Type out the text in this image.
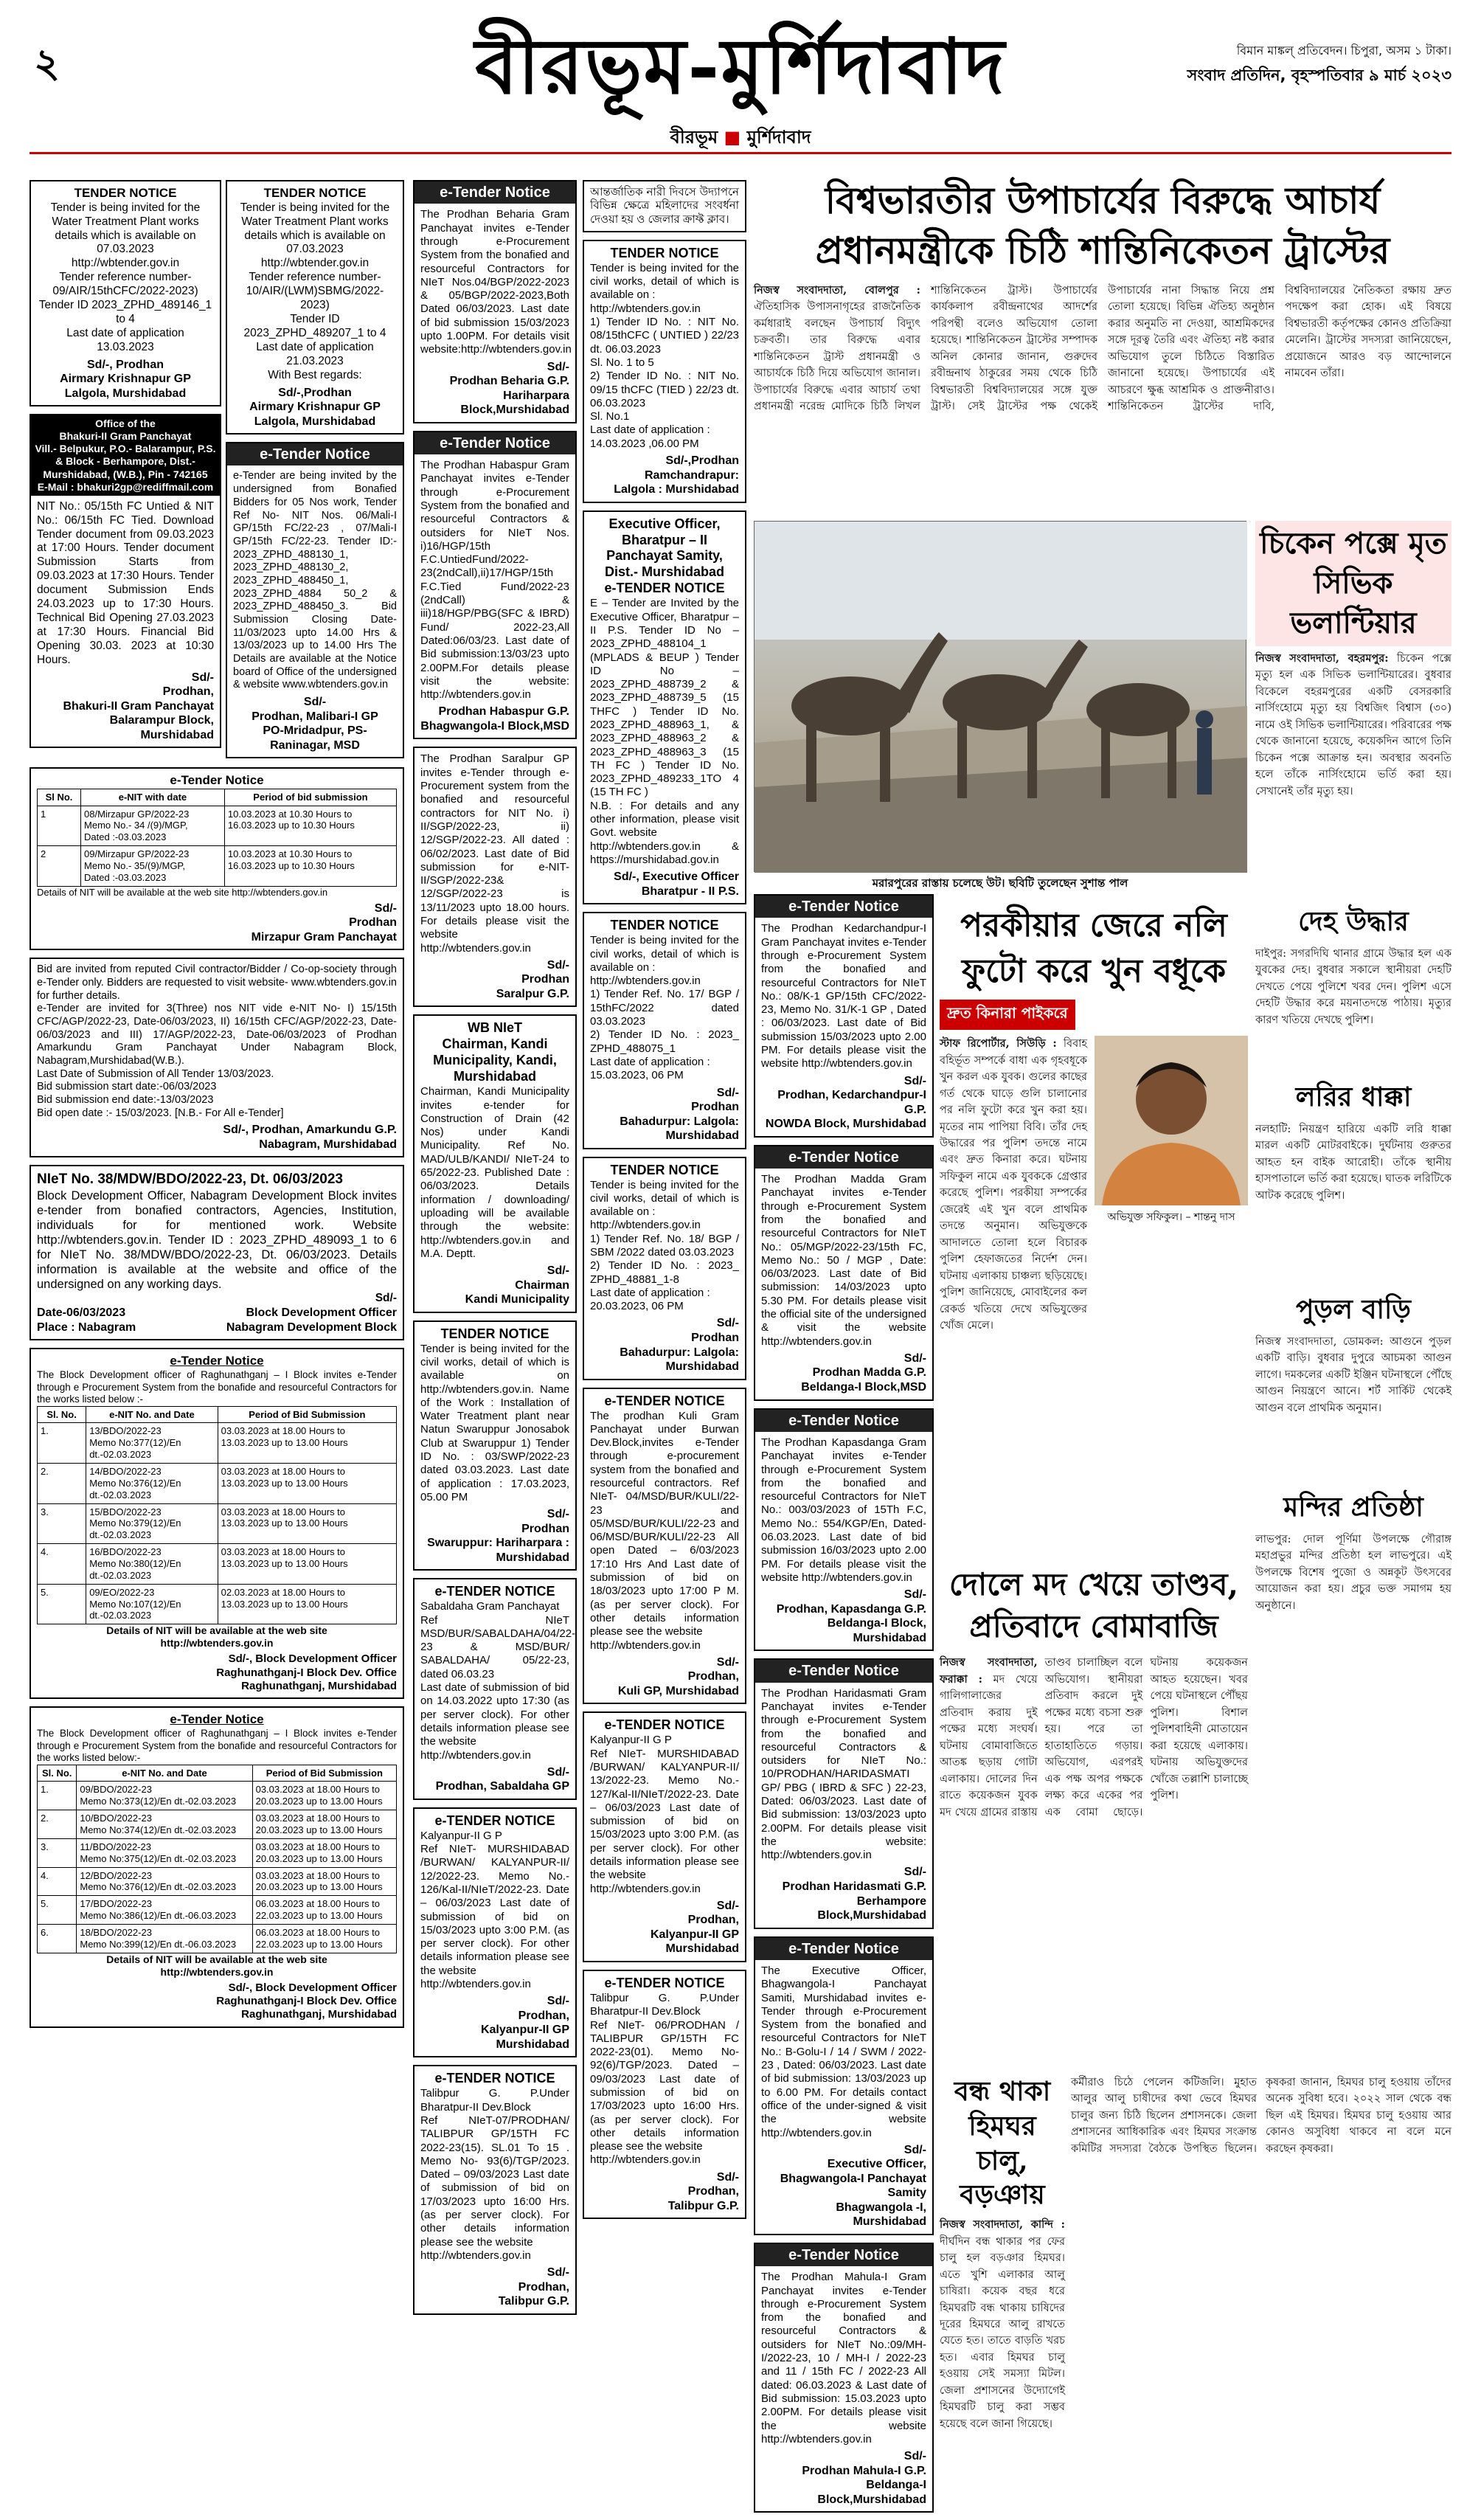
২	বীরভূম-মুর্শিদাবাদ
বীরভূম ■ মুর্শিদাবাদ
বিমান মাঙ্কল্ প্রতিবেদন। চিপুরা, অসম ১ টাকা।
সংবাদ প্রতিদিন, বৃহস্পতিবার ৯ মার্চ ২০২৩
TENDER NOTICE
Tender is being invited for the Water Treatment Plant works details which is available on 07.03.2023
http://wbtender.gov.in
Tender reference number-09/AIR/15thCFC/2022-2023)
Tender ID 2023_ZPHD_489146_1 to 4
Last date of application 13.03.2023
Sd/-, Prodhan
Airmary Krishnapur GP
Lalgola, Murshidabad
Office of the
Bhakuri-II Gram Panchayat
Vill.- Belpukur, P.O.- Balarampur, P.S. & Block - Berhampore, Dist.- Murshidabad, (W.B.), Pin - 742165
E-Mail : bhakuri2gp@rediffmail.com
NIT No.: 05/15th FC Untied & NIT No.: 06/15th FC Tied. Download Tender document from 09.03.2023 at 17:00 Hours. Tender document Submission Starts from 09.03.2023 at 17:30 Hours. Tender document Submission Ends 24.03.2023 up to 17:30 Hours. Technical Bid Opening 27.03.2023 at 17:30 Hours. Financial Bid Opening 30.03. 2023 at 10:30 Hours.
Sd/-
Prodhan,
Bhakuri-II Gram Panchayat
Balarampur Block, Murshidabad
TENDER NOTICE
Tender is being invited for the Water Treatment Plant works details which is available on 07.03.2023
http://wbtender.gov.in
Tender reference number-10/AIR/(LWM)SBMG/2022-2023)
Tender ID 2023_ZPHD_489207_1 to 4
Last date of application 21.03.2023
With Best regards:
Sd/-,Prodhan
Airmary Krishnapur GP
Lalgola, Murshidabad
e-Tender Notice
e-Tender are being invited by the undersigned from Bonafied Bidders for 05 Nos work, Tender Ref No- NIT Nos. 06/Mali-I GP/15th FC/22-23 , 07/Mali-I GP/15th FC/22-23. Tender ID:- 2023_ZPHD_488130_1, 2023_ZPHD_488130_2, 2023_ZPHD_488450_1, 2023_ZPHD_4884 50_2 & 2023_ZPHD_488450_3. Bid Submission Closing Date-11/03/2023 upto 14.00 Hrs & 13/03/2023 up to 14.00 Hrs The Details are available at the Notice board of Office of the undersigned & website www.wbtenders.gov.in
Sd/-
Prodhan, Malibari-I GP
PO-Mridadpur, PS-Raninagar, MSD
e-Tender Notice
Sl No.	e-NIT with date	Period of bid submission
1	08/Mirzapur GP/2022-23
Memo No.- 34 /(9)/MGP,
Dated :-03.03.2023	10.03.2023 at 10.30 Hours to
16.03.2023 up to 10.30 Hours
2	09/Mirzapur GP/2022-23
Memo No.- 35/(9)/MGP,
Dated :-03.03.2023	10.03.2023 at 10.30 Hours to
16.03.2023 up to 10.30 Hours
Details of NIT will be available at the web site http://wbtenders.gov.in
Sd/-
Prodhan
Mirzapur Gram Panchayat
Bid are invited from reputed Civil contractor/Bidder / Co-op-society through e-Tender only. Bidders are requested to visit website- www.wbtenders.gov.in for further details.
e-Tender are invited for 3(Three) nos NIT vide e-NIT No- I) 15/15th CFC/AGP/2022-23, Date-06/03/2023, II) 16/15th CFC/AGP/2022-23, Date-06/03/2023 and III) 17/AGP/2022-23, Date-06/03/2023 of Prodhan Amarkundu Gram Panchayat Under Nabagram Block, Nabagram,Murshidabad(W.B.).
Last Date of Submission of All Tender 13/03/2023.
Bid submission start date:-06/03/2023
Bid submission end date:-13/03/2023
Bid open date :- 15/03/2023. [N.B.- For All e-Tender]
Sd/-, Prodhan, Amarkundu G.P.
Nabagram, Murshidabad
NIeT No. 38/MDW/BDO/2022-23, Dt. 06/03/2023
Block Development Officer, Nabagram Development Block invites e-tender from bonafied contractors, Agencies, Institution, individuals for for mentioned work. Website http://wbtenders.gov.in. Tender ID : 2023_ZPHD_489093_1 to 6 for NIeT No. 38/MDW/BDO/2022-23, Dt. 06/03/2023. Details information is available at the website and office of the undersigned on any working days.
Sd/-
Date-06/03/2023	Block Development Officer
Place : Nabagram	Nabagram Development Block
e-Tender Notice
The Block Development officer of Raghunathganj – I Block invites e-Tender through e Procurement System from the bonafide and resourceful Contractors for the works listed below :-
Sl. No.	e-NIT No. and Date	Period of Bid Submission
1.	13/BDO/2022-23
Memo No:377(12)/En
dt.-02.03.2023	03.03.2023 at 18.00 Hours to
13.03.2023 up to 13.00 Hours
2.	14/BDO/2022-23
Memo No:376(12)/En
dt.-02.03.2023	03.03.2023 at 18.00 Hours to
13.03.2023 up to 13.00 Hours
3.	15/BDO/2022-23
Memo No:379(12)/En
dt.-02.03.2023	03.03.2023 at 18.00 Hours to
13.03.2023 up to 13.00 Hours
4.	16/BDO/2022-23
Memo No:380(12)/En
dt.-02.03.2023	03.03.2023 at 18.00 Hours to
13.03.2023 up to 13.00 Hours
5.	09/EO/2022-23
Memo No:107(12)/En
dt.-02.03.2023	02.03.2023 at 18.00 Hours to
13.03.2023 up to 13.00 Hours
Details of NIT will be available at the web site
http://wbtenders.gov.in
Sd/-, Block Development Officer
Raghunathganj-I Block Dev. Office
Raghunathganj, Murshidabad
e-Tender Notice
The Block Development officer of Raghunathganj – I Block invites e-Tender through e Procurement System from the bonafide and resourceful Contractors for the works listed below:-
Sl. No.	e-NIT No. and Date	Period of Bid Submission
1.	09/BDO/2022-23
Memo No:373(12)/En dt.-02.03.2023	03.03.2023 at 18.00 Hours to
20.03.2023 up to 13.00 Hours
2.	10/BDO/2022-23
Memo No:374(12)/En dt.-02.03.2023	03.03.2023 at 18.00 Hours to
20.03.2023 up to 13.00 Hours
3.	11/BDO/2022-23
Memo No:375(12)/En dt.-02.03.2023	03.03.2023 at 18.00 Hours to
20.03.2023 up to 13.00 Hours
4.	12/BDO/2022-23
Memo No:376(12)/En dt.-02.03.2023	03.03.2023 at 18.00 Hours to
20.03.2023 up to 13.00 Hours
5.	17/BDO/2022-23
Memo No:386(12)/En dt.-06.03.2023	06.03.2023 at 18.00 Hours to
22.03.2023 up to 13.00 Hours
6.	18/BDO/2022-23
Memo No:399(12)/En dt.-06.03.2023	06.03.2023 at 18.00 Hours to
22.03.2023 up to 13.00 Hours
Details of NIT will be available at the web site
http://wbtenders.gov.in
Sd/-, Block Development Officer
Raghunathganj-I Block Dev. Office
Raghunathganj, Murshidabad
e-Tender Notice
The Prodhan Beharia Gram Panchayat invites e-Tender through e-Procurement System from the bonafied and resourceful Contractors for NIeT Nos.04/BGP/2022-2023 & 05/BGP/2022-2023,Both Dated 06/03/2023. Last date of bid submission 15/03/2023 upto 1.00PM. For details visit website:http://wbtenders.gov.in
Sd/-
Prodhan Beharia G.P.
Hariharpara Block,Murshidabad
e-Tender Notice
The Prodhan Habaspur Gram Panchayat invites e-Tender through e-Procurement System from the bonafied and resourceful Contractors & outsiders for NIeT Nos. i)16/HGP/15th F.C.UntiedFund/2022-23(2ndCall),ii)17/HGP/15th F.C.Tied Fund/2022-23 (2ndCall) & iii)18/HGP/PBG(SFC & IBRD) Fund/ 2022-23,All Dated:06/03/23. Last date of Bid submission:13/03/23 upto 2.00PM.For details please visit the website: http://wbtenders.gov.in
Prodhan Habaspur G.P.
Bhagwangola-I Block,MSD
The Prodhan Saralpur GP invites e-Tender through e-Procurement system from the bonafied and resourceful contractors for NIT No. i) II/SGP/2022-23, ii) 12/SGP/2022-23. All dated : 06/02/2023. Last date of Bid submission for e-NIT-II/SGP/2022-23& 12/SGP/2022-23 is 13/11/2023 upto 18.00 hours. For details please visit the website
http://wbtenders.gov.in
Sd/-
Prodhan
Saralpur G.P.
WB NIeT
Chairman, Kandi Municipality, Kandi, Murshidabad
Chairman, Kandi Municipality invites e-tender for Construction of Drain (42 Nos) under Kandi Municipality. Ref No. MAD/ULB/KANDI/ NIeT-24 to 65/2022-23. Published Date : 06/03/2023. Details information / downloading/ uploading will be available through the website: http://wbtenders.gov.in and M.A. Deptt.
Sd/-
Chairman
Kandi Municipality
TENDER NOTICE
Tender is being invited for the civil works, detail of which is available on http://wbtenders.gov.in. Name of the Work : Installation of Water Treatment plant near Natun Swaruppur Jonosabok Club at Swaruppur 1) Tender ID No. : 03/SWP/2022-23 dated 03.03.2023. Last date of application : 17.03.2023, 05.00 PM
Sd/-
Prodhan
Swaruppur: Hariharpara :
Murshidabad
e-TENDER NOTICE
Sabaldaha Gram Panchayat
Ref NIeT MSD/BUR/SABALDAHA/04/22-23 & MSD/BUR/ SABALDAHA/ 05/22-23, dated 06.03.23
Last date of submission of bid on 14.03.2022 upto 17:30 (as per server clock). For other details information please see the website
http://wbtenders.gov.in
Sd/-
Prodhan, Sabaldaha GP
e-TENDER NOTICE
Kalyanpur-II G P
Ref NIeT- MURSHIDABAD /BURWAN/ KALYANPUR-II/ 12/2022-23. Memo No.- 126/Kal-II/NIeT/2022-23. Date – 06/03/2023 Last date of submission of bid on 15/03/2023 upto 3:00 P.M. (as per server clock). For other details information please see the website
http://wbtenders.gov.in
Sd/-
Prodhan,
Kalyanpur-II GP
Murshidabad
e-TENDER NOTICE
Talibpur G. P.Under Bharatpur-II Dev.Block
Ref NIeT-07/PRODHAN/ TALIBPUR GP/15TH FC 2022-23(15). SL.01 To 15 . Memo No- 93(6)/TGP/2023. Dated – 09/03/2023 Last date of submission of bid on 17/03/2023 upto 16:00 Hrs. (as per server clock). For other details information please see the website
http://wbtenders.gov.in
Sd/-
Prodhan,
Talibpur G.P.
আন্তর্জাতিক নারী দিবসে উদ্যাপনে বিভিন্ন ক্ষেত্রে মহিলাদের সংবর্ধনা দেওয়া হয় ও জেলার ক্রাফ্ট ক্লাব।
TENDER NOTICE
Tender is being invited for the civil works, detail of which is available on :
http://wbtenders.gov.in
1) Tender ID No. : NIT No. 08/15thCFC ( UNTIED ) 22/23 dt. 06.03.2023
Sl. No. 1 to 5
2) Tender ID No. : NIT No. 09/15 thCFC (TIED ) 22/23 dt. 06.03.2023
Sl. No.1
Last date of application :
14.03.2023 ,06.00 PM
Sd/-,Prodhan
Ramchandrapur:
Lalgola : Murshidabad
Executive Officer,
Bharatpur – II Panchayat Samity, Dist.- Murshidabad
e-TENDER NOTICE
E – Tender are Invited by the Executive Officer, Bharatpur – II P.S. Tender ID No – 2023_ZPHD_488104_1 (MPLADS & BEUP ) Tender ID No – 2023_ZPHD_488739_2 & 2023_ZPHD_488739_5 (15 THFC ) Tender ID No. 2023_ZPHD_488963_1, & 2023_ZPHD_488963_2 & 2023_ZPHD_488963_3 (15 TH FC ) Tender ID No. 2023_ZPHD_489233_1TO 4 (15 TH FC )
N.B. : For details and any other information, please visit Govt. website
http://wbtenders.gov.in & https://murshidabad.gov.in
Sd/-, Executive Officer
Bharatpur - II P.S.
TENDER NOTICE
Tender is being invited for the civil works, detail of which is available on :
http://wbtenders.gov.in
1) Tender Ref. No. 17/ BGP / 15thFC/2022 dated 03.03.2023
2) Tender ID No. : 2023_ ZPHD_488075_1
Last date of application :
15.03.2023, 06 PM
Sd/-
Prodhan
Bahadurpur: Lalgola:
Murshidabad
TENDER NOTICE
Tender is being invited for the civil works, detail of which is available on :
http://wbtenders.gov.in
1) Tender Ref. No. 18/ BGP / SBM /2022 dated 03.03.2023
2) Tender ID No. : 2023_ ZPHD_48881_1-8
Last date of application :
20.03.2023, 06 PM
Sd/-
Prodhan
Bahadurpur: Lalgola:
Murshidabad
e-TENDER NOTICE
The prodhan Kuli Gram Panchayat under Burwan Dev.Block,invites e-Tender through e-procurement system from the bonafied and resourceful contractors. Ref NIeT- 04/MSD/BUR/KULI/22-23 and 05/MSD/BUR/KULI/22-23 and 06/MSD/BUR/KULI/22-23 All open Dated – 6/03/2023 17:10 Hrs And Last date of submission of bid on 18/03/2023 upto 17:00 P M.(as per server clock). For other details information please see the website
http://wbtenders.gov.in
Sd/-
Prodhan,
Kuli GP, Murshidabad
e-TENDER NOTICE
Kalyanpur-II G P
Ref NIeT- MURSHIDABAD /BURWAN/ KALYANPUR-II/ 13/2022-23. Memo No.- 127/Kal-II/NIeT/2022-23. Date – 06/03/2023 Last date of submission of bid on 15/03/2023 upto 3:00 P.M. (as per server clock). For other details information please see the website
http://wbtenders.gov.in
Sd/-
Prodhan,
Kalyanpur-II GP
Murshidabad
e-TENDER NOTICE
Talibpur G. P.Under Bharatpur-II Dev.Block
Ref NIeT- 06/PRODHAN / TALIBPUR GP/15TH FC 2022-23(01). Memo No- 92(6)/TGP/2023. Dated – 09/03/2023 Last date of submission of bid on 17/03/2023 upto 16:00 Hrs. (as per server clock). For other details information please see the website
http://wbtenders.gov.in
Sd/-
Prodhan,
Talibpur G.P.
e-Tender Notice
The Prodhan Kedarchandpur-I Gram Panchayat invites e-Tender through e-Procurement System from the bonafied and resourceful Contractors for NIeT No.: 08/K-1 GP/15th CFC/2022-23, Memo No. 31/K-1 GP , Dated : 06/03/2023. Last date of Bid submission 15/03/2023 upto 2.00 PM. For details please visit the website http://wbtenders.gov.in
Sd/-
Prodhan, Kedarchandpur-I G.P.
NOWDA Block, Murshidabad
e-Tender Notice
The Prodhan Madda Gram Panchayat invites e-Tender through e-Procurement System from the bonafied and resourceful Contractors for NIeT No.: 05/MGP/2022-23/15th FC, Memo No.: 50 / MGP , Date: 06/03/2023. Last date of Bid submission: 14/03/2023 upto 5.30 PM. For details please visit the official site of the undersigned & visit the website http://wbtenders.gov.in
Sd/-
Prodhan Madda G.P.
Beldanga-I Block,MSD
e-Tender Notice
The Prodhan Kapasdanga Gram Panchayat invites e-Tender through e-Procurement System from the bonafied and resourceful Contractors for NIeT No.: 003/03/2023 of 15Th F.C, Memo No.: 554/KGP/En, Dated-06.03.2023. Last date of bid submission 16/03/2023 upto 2.00 PM. For details please visit the website http://wbtenders.gov.in
Sd/-
Prodhan, Kapasdanga G.P.
Beldanga-I Block, Murshidabad
e-Tender Notice
The Prodhan Haridasmati Gram Panchayat invites e-Tender through e-Procurement System from the bonafied and resourceful Contractors & outsiders for NIeT No.: 10/PRODHAN/HARIDASMATI GP/ PBG ( IBRD & SFC ) 22-23, Dated: 06/03/2023. Last date of Bid submission: 13/03/2023 upto 2.00PM. For details please visit the website: http://wbtenders.gov.in
Sd/-
Prodhan Haridasmati G.P.
Berhampore Block,Murshidabad
e-Tender Notice
The Executive Officer, Bhagwangola-I Panchayat Samiti, Murshidabad invites e-Tender through e-Procurement System from the bonafied and resourceful Contractors for NIeT No.: B-Golu-I / 14 / SWM / 2022-23 , Dated: 06/03/2023. Last date of bid submission: 13/03/2023 up to 6.00 PM. For details contact office of the under-signed & visit the website http://wbtenders.gov.in
Sd/-
Executive Officer,
Bhagwangola-I Panchayat Samity
Bhagwangola -I, Murshidabad
e-Tender Notice
The Prodhan Mahula-I Gram Panchayat invites e-Tender through e-Procurement System from the bonafied and resourceful Contractors & outsiders for NIeT No.:09/MH-I/2022-23, 10 / MH-I / 2022-23 and 11 / 15th FC / 2022-23 All dated: 06.03.2023 & Last date of Bid submission: 15.03.2023 upto 2.00PM. For details please visit the website http://wbtenders.gov.in
Sd/-
Prodhan Mahula-I G.P.
Beldanga-I Block,Murshidabad
বিশ্বভারতীর উপাচার্যের বিরুদ্ধে আচার্য প্রধানমন্ত্রীকে চিঠি শান্তিনিকেতন ট্রাস্টের
নিজস্ব সংবাদদাতা, বোলপুর : ঐতিহাসিক উপাসনাগৃহের রাজনৈতিক কর্মধারাই বলছেন উপাচার্য বিদ্যুৎ চক্রবর্তী। তার বিরুদ্ধে এবার শান্তিনিকেতন ট্রাস্ট প্রধানমন্ত্রী ও আচার্যকে চিঠি দিয়ে অভিযোগ জানাল। উপাচার্যের বিরুদ্ধে এবার আচার্য তথা প্রধানমন্ত্রী নরেন্দ্র মোদিকে চিঠি লিখল শান্তিনিকেতন ট্রাস্ট। উপাচার্যের কার্যকলাপ রবীন্দ্রনাথের আদর্শের পরিপন্থী বলেও অভিযোগ তোলা হয়েছে। শান্তিনিকেতন ট্রাস্টের সম্পাদক অনিল কোনার জানান, গুরুদেব রবীন্দ্রনাথ ঠাকুরের সময় থেকে চিঠি বিশ্বভারতী বিশ্ববিদ্যালয়ের সঙ্গে যুক্ত ট্রাস্ট। সেই ট্রাস্টের পক্ষ থেকেই উপাচার্যের নানা সিদ্ধান্ত নিয়ে প্রশ্ন তোলা হয়েছে। বিভিন্ন ঐতিহ্য অনুষ্ঠান করার অনুমতি না দেওয়া, আশ্রমিকদের সঙ্গে দূরত্ব তৈরি এবং ঐতিহ্য নষ্ট করার অভিযোগ তুলে চিঠিতে বিস্তারিত জানানো হয়েছে। উপাচার্যের এই আচরণে ক্ষুব্ধ আশ্রমিক ও প্রাক্তনীরাও। শান্তিনিকেতন ট্রাস্টের দাবি, বিশ্ববিদ্যালয়ের নৈতিকতা রক্ষায় দ্রুত পদক্ষেপ করা হোক। এই বিষয়ে বিশ্বভারতী কর্তৃপক্ষের কোনও প্রতিক্রিয়া মেলেনি। ট্রাস্টের সদস্যরা জানিয়েছেন, প্রয়োজনে আরও বড় আন্দোলনে নামবেন তাঁরা।
মরারপুরের রাস্তায় চলেছে উট। ছবিটি তুলেছেন সুশান্ত পাল
পরকীয়ার জেরে নলি ফুটো করে খুন বধূকে
দ্রুত কিনারা পাইকরে
স্টাফ রিপোর্টার, সিউড়ি : বিবাহ বহির্ভূত সম্পর্কে বাধা এক গৃহবধূকে খুন করল এক যুবক। গুলের কাছের গর্ত থেকে ঘাড়ে গুলি চালানোর পর নলি ফুটো করে খুন করা হয়। মৃতের নাম পাপিয়া বিবি। তাঁর দেহ উদ্ধারের পর পুলিশ তদন্তে নামে এবং দ্রুত কিনারা করে। ঘটনায় সফিকুল নামে এক যুবককে গ্রেপ্তার করেছে পুলিশ। পরকীয়া সম্পর্কের জেরেই এই খুন বলে প্রাথমিক তদন্তে অনুমান। অভিযুক্তকে আদালতে তোলা হলে বিচারক পুলিশ হেফাজতের নির্দেশ দেন। ঘটনায় এলাকায় চাঞ্চল্য ছড়িয়েছে। পুলিশ জানিয়েছে, মোবাইলের কল রেকর্ড খতিয়ে দেখে অভিযুক্তের খোঁজ মেলে।
অভিযুক্ত সফিকুল। – শান্তনু দাস
দোলে মদ খেয়ে তাণ্ডব, প্রতিবাদে বোমাবাজি
নিজস্ব সংবাদদাতা, ফরাক্কা : মদ খেয়ে গালিগালাজের প্রতিবাদ করায় দুই পক্ষের মধ্যে সংঘর্ষ। ঘটনায় বোমাবাজিতে আতঙ্ক ছড়ায় গোটা এলাকায়। দোলের দিন রাতে কয়েকজন যুবক মদ খেয়ে গ্রামের রাস্তায় তাণ্ডব চালাচ্ছিল বলে অভিযোগ। স্থানীয়রা প্রতিবাদ করলে দুই পক্ষের মধ্যে বচসা শুরু হয়। পরে তা হাতাহাতিতে গড়ায়। অভিযোগ, এরপরই এক পক্ষ অপর পক্ষকে লক্ষ্য করে একের পর এক বোমা ছোড়ে। ঘটনায় কয়েকজন আহত হয়েছেন। খবর পেয়ে ঘটনাস্থলে পৌঁছয় পুলিশ। বিশাল পুলিশবাহিনী মোতায়েন করা হয়েছে এলাকায়। ঘটনায় অভিযুক্তদের খোঁজে তল্লাশি চালাচ্ছে পুলিশ।
বন্ধ থাকা হিমঘর চালু, বড়ঞায়
নিজস্ব সংবাদদাতা, কান্দি : দীর্ঘদিন বন্ধ থাকার পর ফের চালু হল বড়ঞার হিমঘর। এতে খুশি এলাকার আলু চাষিরা। কয়েক বছর ধরে হিমঘরটি বন্ধ থাকায় চাষিদের দূরের হিমঘরে আলু রাখতে যেতে হত। তাতে বাড়তি খরচ হত। এবার হিমঘর চালু হওয়ায় সেই সমস্যা মিটল। জেলা প্রশাসনের উদ্যোগেই হিমঘরটি চালু করা সম্ভব হয়েছে বলে জানা গিয়েছে।
কর্মীরাও চিঠে পেলেন কটিজলি। মুহাত আলুর আলু চাষীদের কথা ভেবে হিমঘর চালুর জন্য চিঠি ছিলেন প্রশাসনকে। জেলা প্রশাসনের আধিকারিক এবং হিমঘর সংক্রান্ত কমিটির সদস্যরা বৈঠকে উপস্থিত ছিলেন। কৃষকরা জানান, হিমঘর চালু হওয়ায় তাঁদের অনেক সুবিধা হবে। ২০২২ সাল থেকে বন্ধ ছিল এই হিমঘর। হিমঘর চালু হওয়ায় আর কোনও অসুবিধা থাকবে না বলে মনে করছেন কৃষকরা।
চিকেন পক্সে মৃত সিভিক ভলান্টিয়ার
নিজস্ব সংবাদদাতা, বহরমপুর: চিকেন পক্সে মৃত্যু হল এক সিভিক ভলান্টিয়ারের। বুধবার বিকেলে বহরমপুরের একটি বেসরকারি নার্সিংহোমে মৃত্যু হয় বিশ্বজিৎ বিশ্বাস (৩০) নামে ওই সিভিক ভলান্টিয়ারের। পরিবারের পক্ষ থেকে জানানো হয়েছে, কয়েকদিন আগে তিনি চিকেন পক্সে আক্রান্ত হন। অবস্থার অবনতি হলে তাঁকে নার্সিংহোমে ভর্তি করা হয়। সেখানেই তাঁর মৃত্যু হয়।
দেহ উদ্ধার
দাইপুর: সগরদিঘি থানার গ্রামে উদ্ধার হল এক যুবকের দেহ। বুধবার সকালে স্থানীয়রা দেহটি দেখতে পেয়ে পুলিশে খবর দেন। পুলিশ এসে দেহটি উদ্ধার করে ময়নাতদন্তে পাঠায়। মৃত্যুর কারণ খতিয়ে দেখছে পুলিশ।
লরির ধাক্কা
নলহাটি: নিয়ন্ত্রণ হারিয়ে একটি লরি ধাক্কা মারল একটি মোটরবাইকে। দুর্ঘটনায় গুরুতর আহত হন বাইক আরোহী। তাঁকে স্থানীয় হাসপাতালে ভর্তি করা হয়েছে। ঘাতক লরিটিকে আটক করেছে পুলিশ।
পুড়ল বাড়ি
নিজস্ব সংবাদদাতা, ডোমকল: আগুনে পুড়ল একটি বাড়ি। বুধবার দুপুরে আচমকা আগুন লাগে। দমকলের একটি ইঞ্জিন ঘটনাস্থলে পৌঁছে আগুন নিয়ন্ত্রণে আনে। শর্ট সার্কিট থেকেই আগুন বলে প্রাথমিক অনুমান।
মন্দির প্রতিষ্ঠা
লাভপুর: দোল পূর্ণিমা উপলক্ষে গৌরাঙ্গ মহাপ্রভুর মন্দির প্রতিষ্ঠা হল লাভপুরে। এই উপলক্ষে বিশেষ পুজো ও অন্নকূট উৎসবের আয়োজন করা হয়। প্রচুর ভক্ত সমাগম হয় অনুষ্ঠানে।
